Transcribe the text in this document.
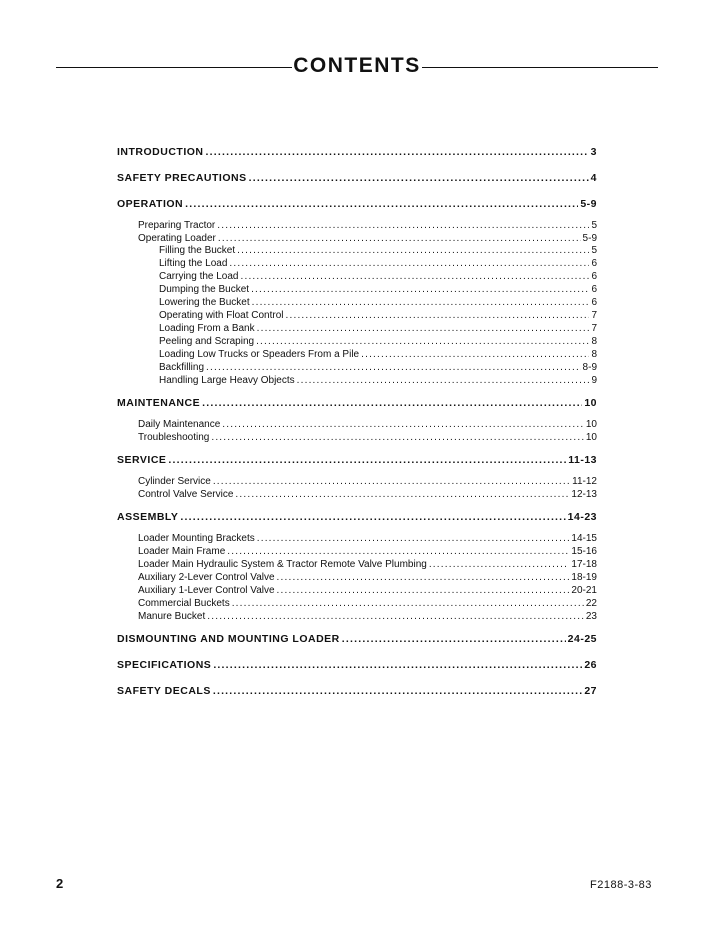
CONTENTS
INTRODUCTION .....	3
SAFETY PRECAUTIONS .....	4
OPERATION .....	5-9
Preparing Tractor .....	5
Operating Loader .....	5-9
Filling the Bucket .....	5
Lifting the Load .....	6
Carrying the Load .....	6
Dumping the Bucket .....	6
Lowering the Bucket .....	6
Operating with Float Control .....	7
Loading From a Bank .....	7
Peeling and Scraping .....	8
Loading Low Trucks or Speaders From a Pile .....	8
Backfilling .....	8-9
Handling Large Heavy Objects .....	9
MAINTENANCE .....	10
Daily Maintenance .....	10
Troubleshooting .....	10
SERVICE .....	11-13
Cylinder Service .....	11-12
Control Valve Service .....	12-13
ASSEMBLY .....	14-23
Loader Mounting Brackets .....	14-15
Loader Main Frame .....	15-16
Loader Main Hydraulic System & Tractor Remote Valve Plumbing .....	17-18
Auxiliary 2-Lever Control Valve .....	18-19
Auxiliary 1-Lever Control Valve .....	20-21
Commercial Buckets .....	22
Manure Bucket .....	23
DISMOUNTING AND MOUNTING LOADER .....	24-25
SPECIFICATIONS .....	26
SAFETY DECALS .....	27
2	F2188-3-83
